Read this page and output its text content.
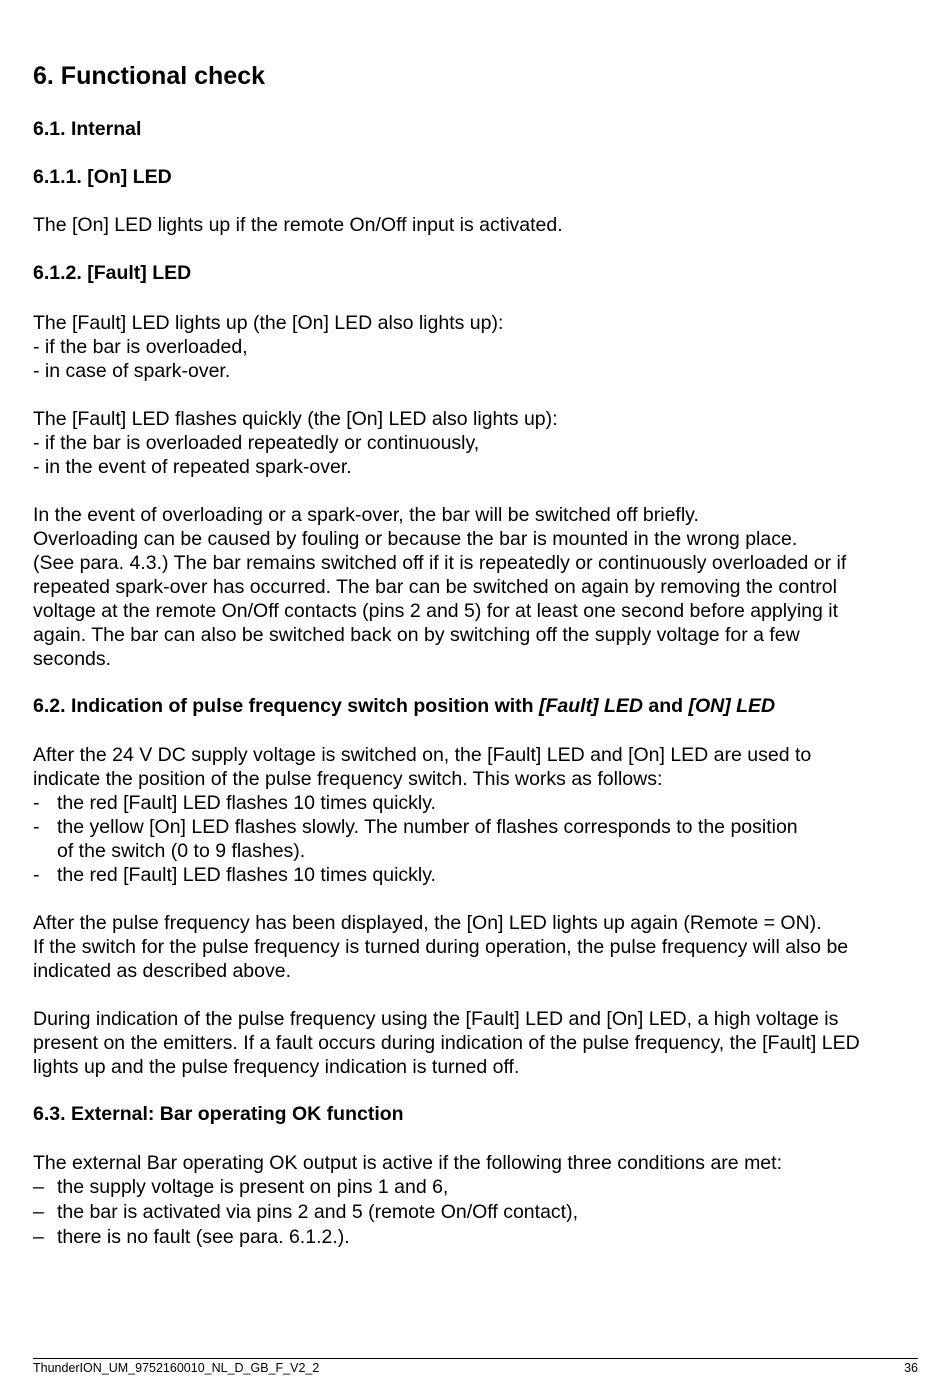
6. Functional check
6.1. Internal
6.1.1. [On] LED
The [On] LED lights up if the remote On/Off input is activated.
6.1.2. [Fault] LED
The [Fault] LED lights up (the [On] LED also lights up):
- if the bar is overloaded,
- in case of spark-over.
The [Fault] LED flashes quickly (the [On] LED also lights up):
- if the bar is overloaded repeatedly or continuously,
- in the event of repeated spark-over.
In the event of overloading or a spark-over, the bar will be switched off briefly.
Overloading can be caused by fouling or because the bar is mounted in the wrong place.
(See para. 4.3.) The bar remains switched off if it is repeatedly or continuously overloaded or if
repeated spark-over has occurred. The bar can be switched on again by removing the control
voltage at the remote On/Off contacts (pins 2 and 5) for at least one second before applying it
again. The bar can also be switched back on by switching off the supply voltage for a few
seconds.
6.2. Indication of pulse frequency switch position with [Fault] LED and [ON] LED
After the 24 V DC supply voltage is switched on, the [Fault] LED and [On] LED are used to
indicate the position of the pulse frequency switch. This works as follows:
- the red [Fault] LED flashes 10 times quickly.
- the yellow [On] LED flashes slowly. The number of flashes corresponds to the position
of the switch (0 to 9 flashes).
- the red [Fault] LED flashes 10 times quickly.
After the pulse frequency has been displayed, the [On] LED lights up again (Remote = ON).
If the switch for the pulse frequency is turned during operation, the pulse frequency will also be
indicated as described above.
During indication of the pulse frequency using the [Fault] LED and [On] LED, a high voltage is
present on the emitters. If a fault occurs during indication of the pulse frequency, the [Fault] LED
lights up and the pulse frequency indication is turned off.
6.3. External: Bar operating OK function
The external Bar operating OK output is active if the following three conditions are met:
– the supply voltage is present on pins 1 and 6,
– the bar is activated via pins 2 and 5 (remote On/Off contact),
– there is no fault (see para. 6.1.2.).
ThunderION_UM_9752160010_NL_D_GB_F_V2_2	36
